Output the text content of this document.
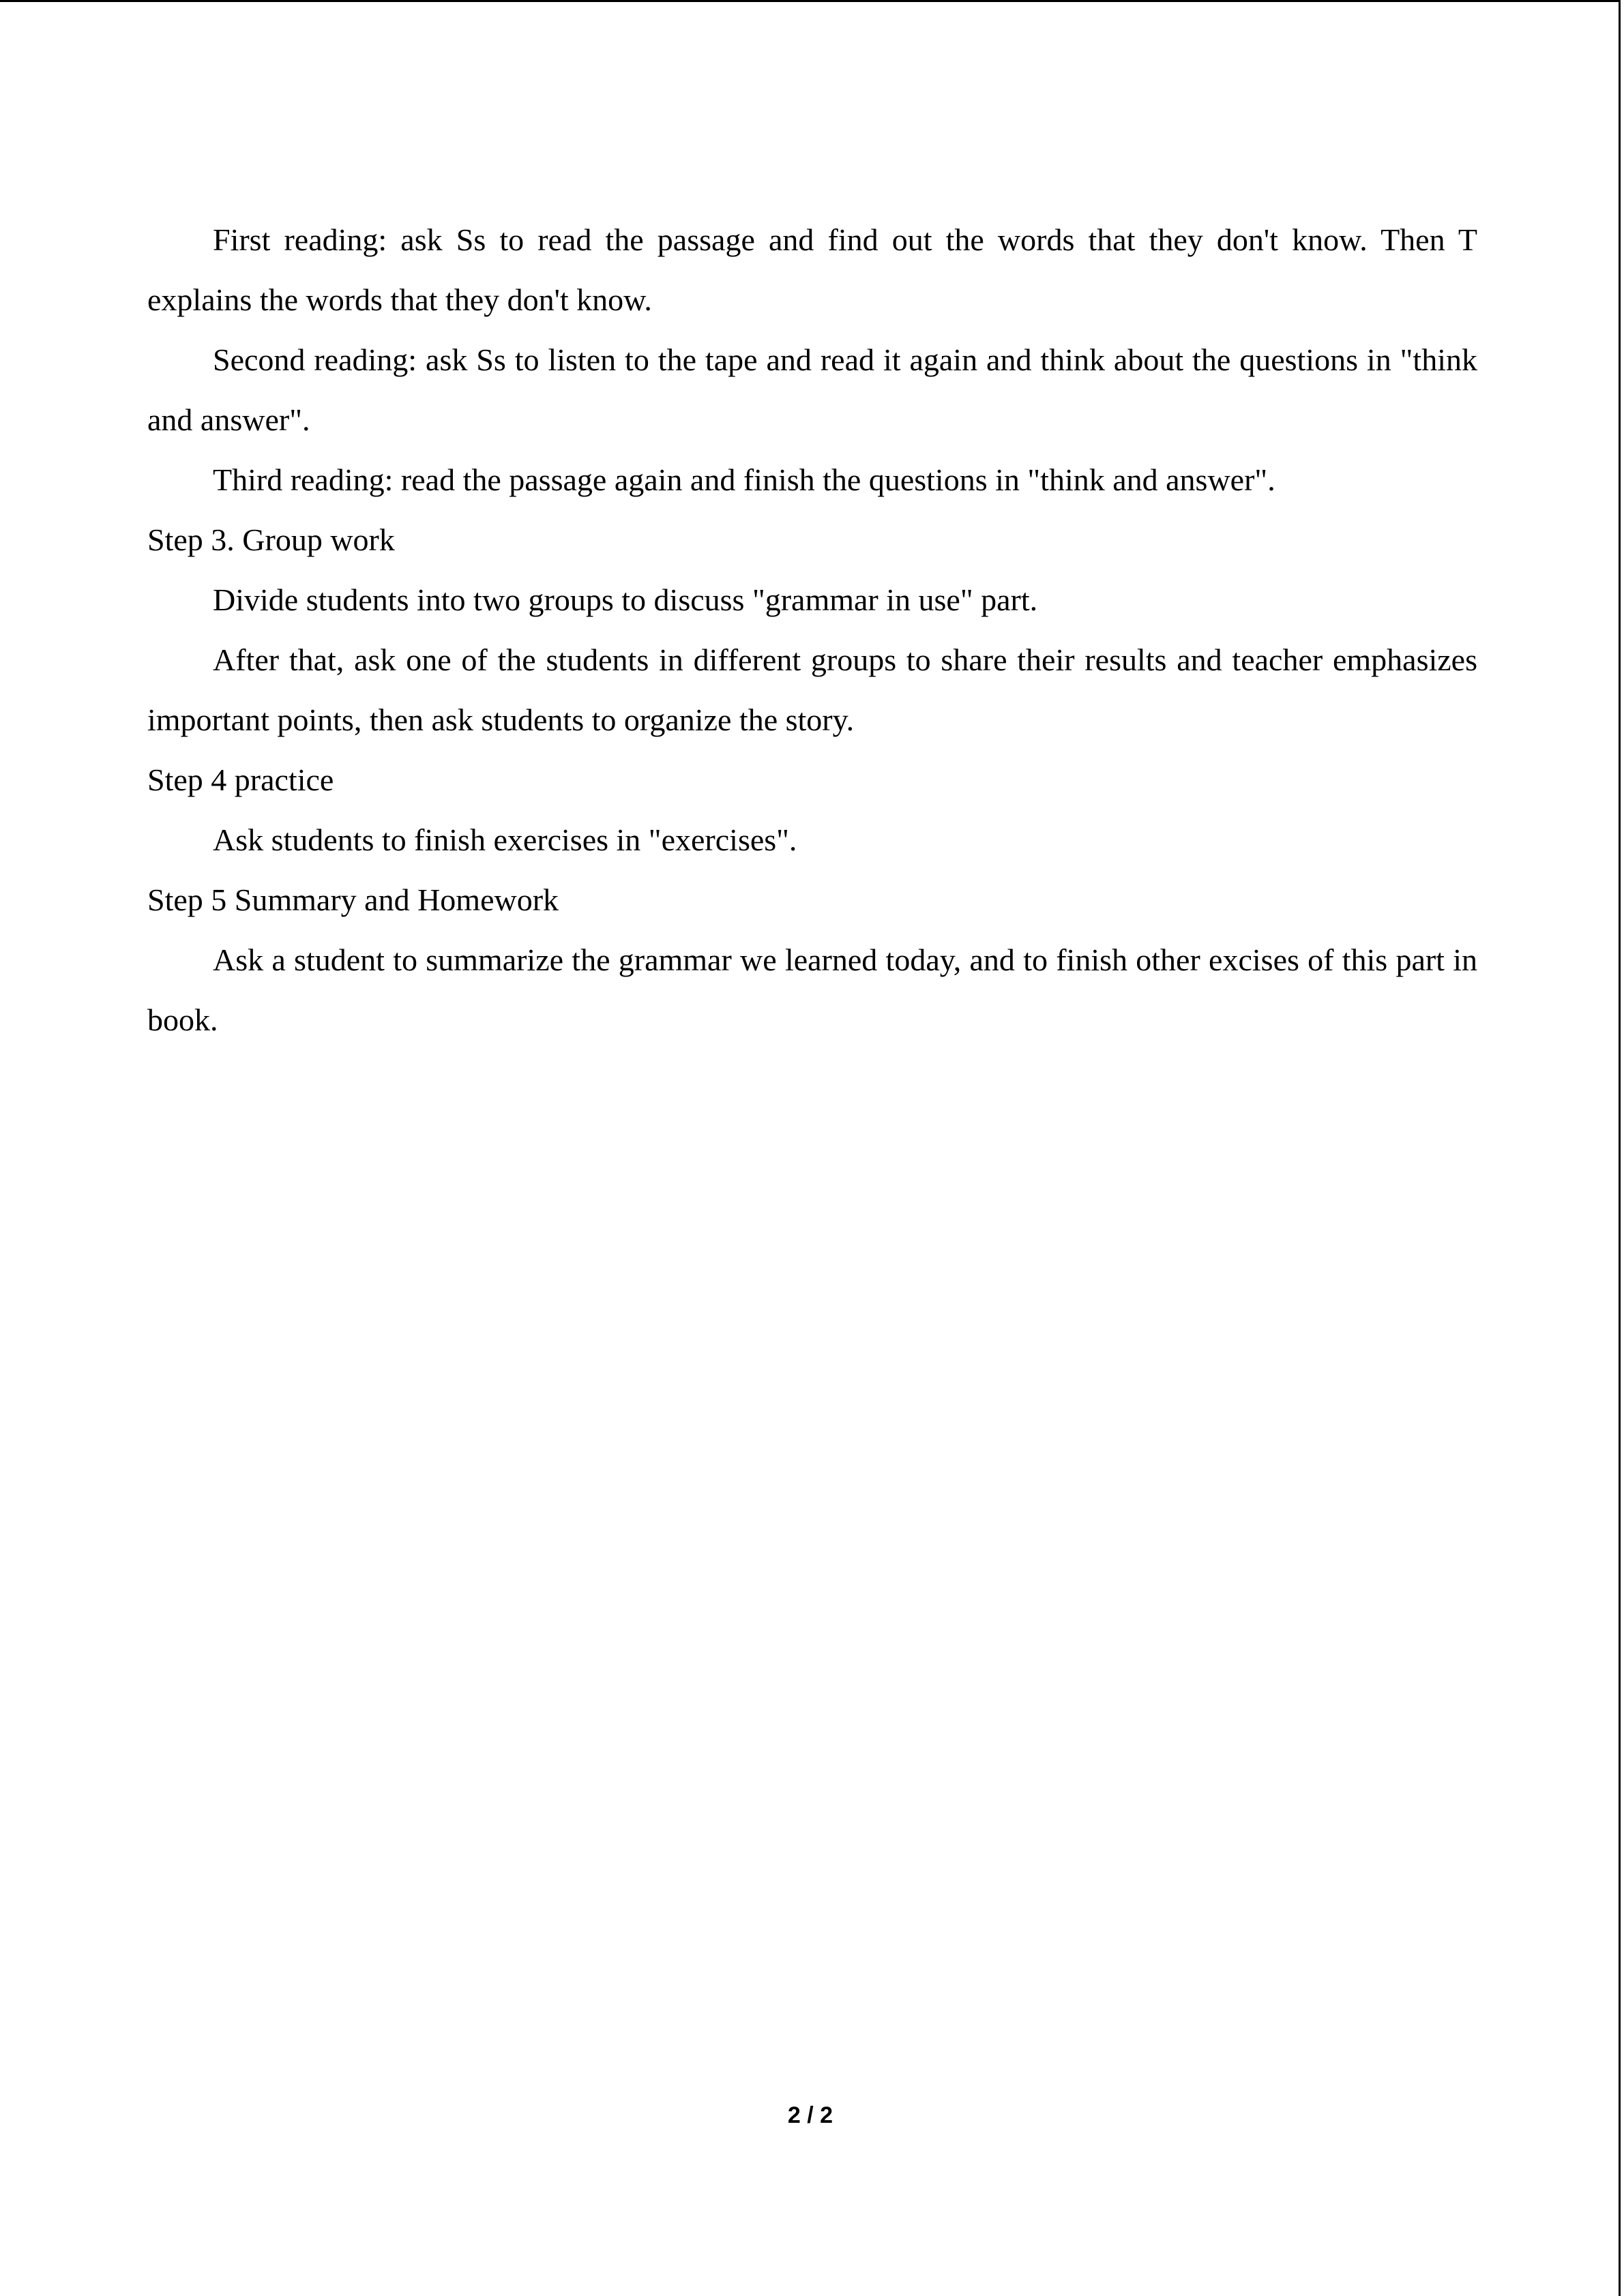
First reading: ask Ss to read the passage and find out the words that they don't know. Then T explains the words that they don't know.

Second reading: ask Ss to listen to the tape and read it again and think about the questions in "think and answer".

Third reading: read the passage again and finish the questions in "think and answer".

Step 3. Group work

Divide students into two groups to discuss "grammar in use" part.

After that, ask one of the students in different groups to share their results and teacher emphasizes important points, then ask students to organize the story.

Step 4 practice

Ask students to finish exercises in "exercises".

Step 5 Summary and Homework

Ask a student to summarize the grammar we learned today, and to finish other excises of this part in book.

2 / 2
